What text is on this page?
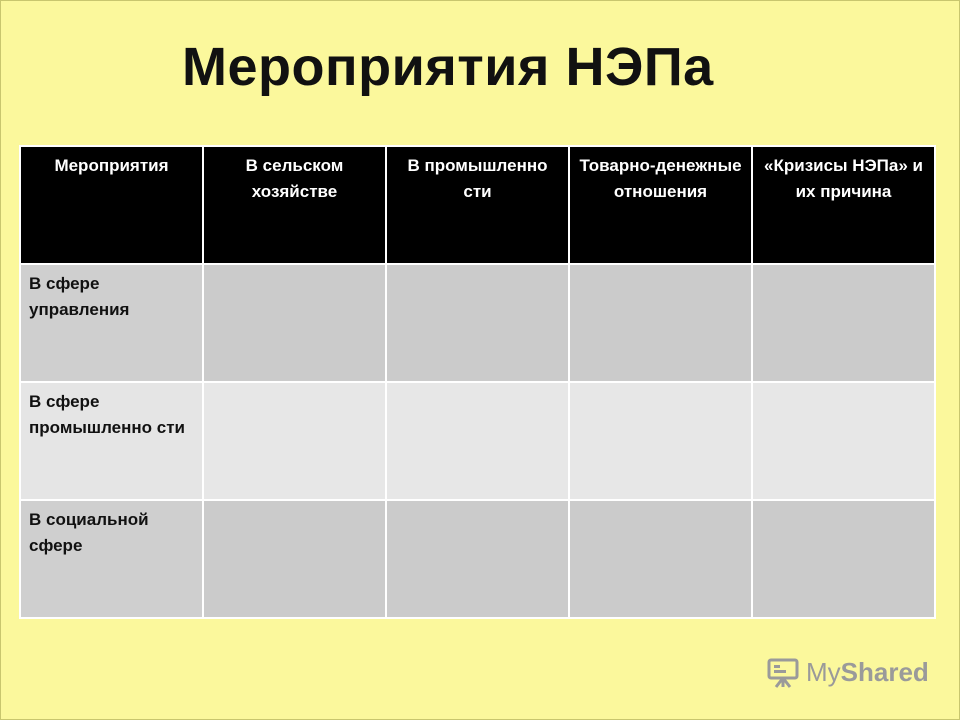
Мероприятия НЭПа
Мероприятия	В сельском хозяйстве	В промышленно сти	Товарно-денежные отношения	«Кризисы НЭПа» и их причина
В сфере управления				
В сфере промышленно сти				
В социальной сфере				
MyShared
